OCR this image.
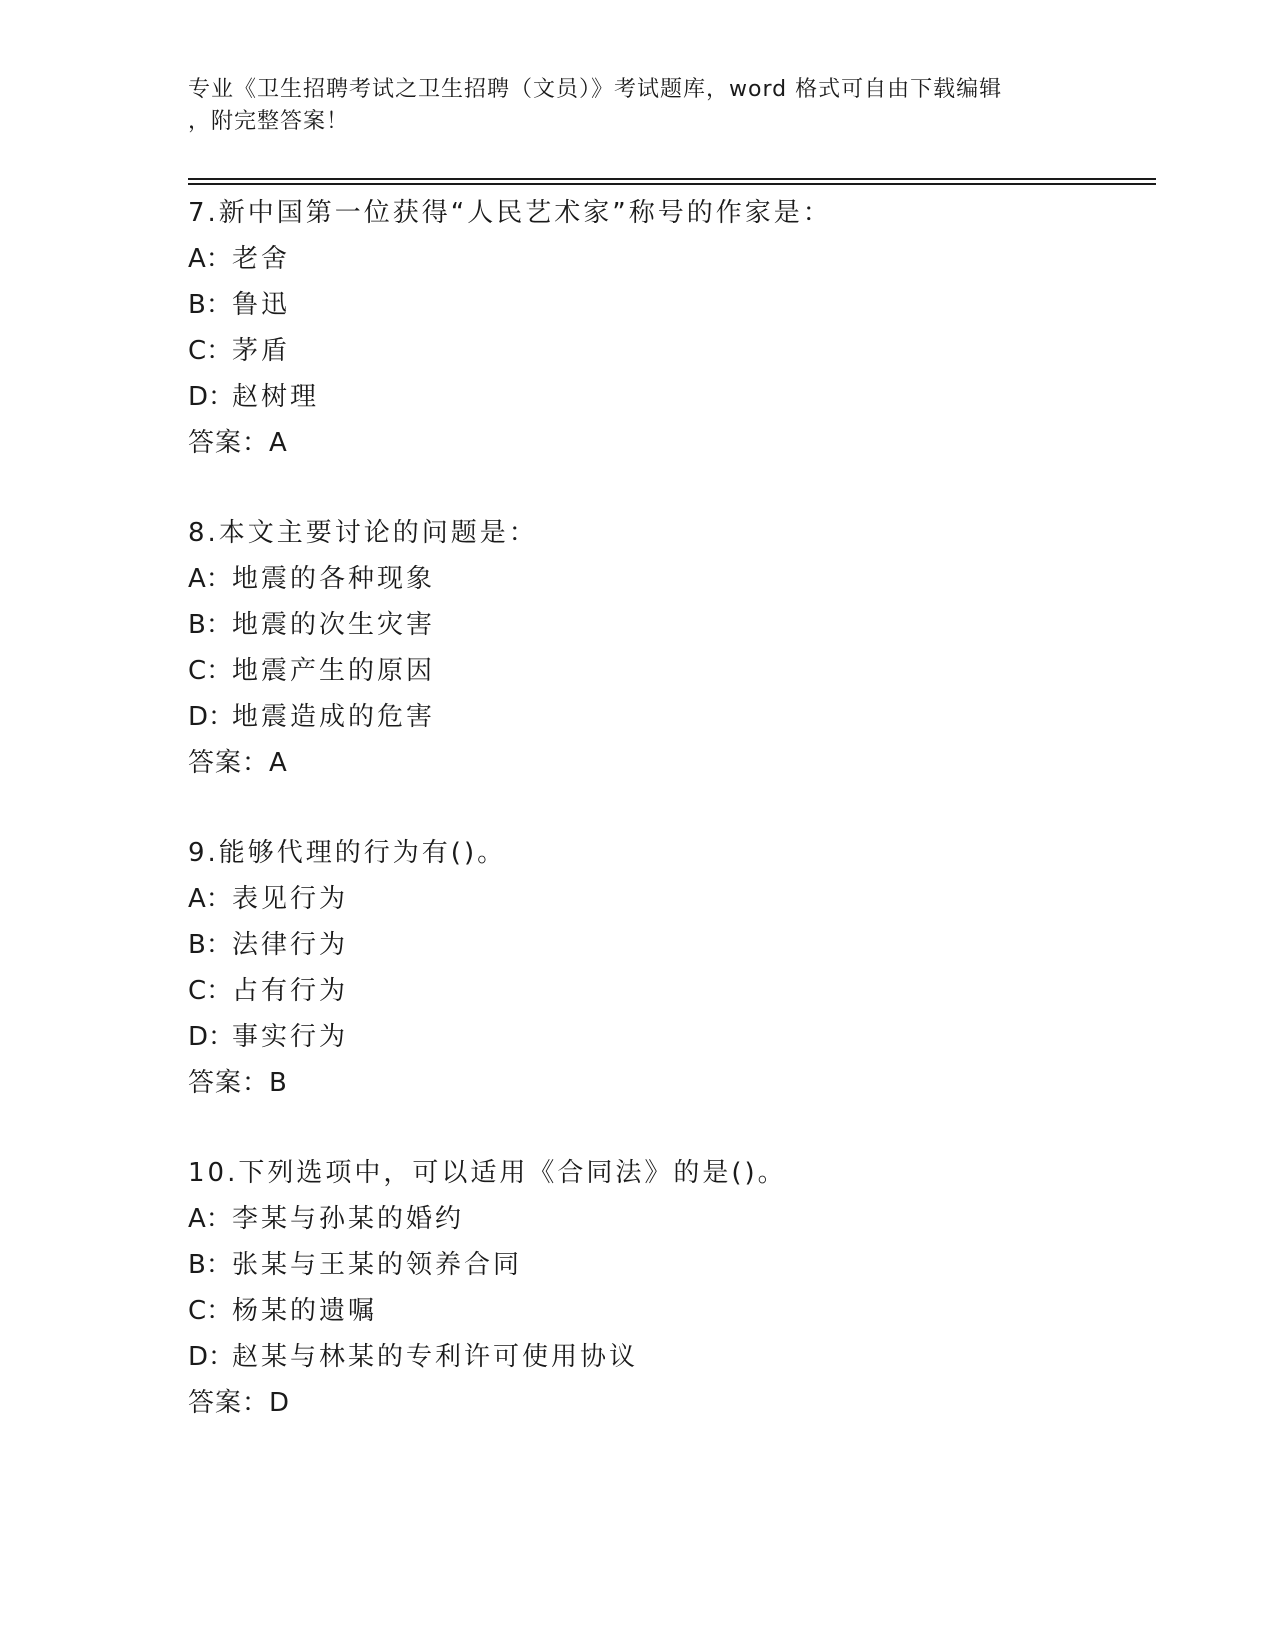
专业《卫生招聘考试之卫生招聘（文员）》考试题库，word 格式可自由下载编辑
，附完整答案！
7.新中国第一位获得“人民艺术家”称号的作家是：
A：老舍
B：鲁迅
C：茅盾
D：赵树理
答案：A
8.本文主要讨论的问题是：
A：地震的各种现象
B：地震的次生灾害
C：地震产生的原因
D：地震造成的危害
答案：A
9.能够代理的行为有()。
A：表见行为
B：法律行为
C：占有行为
D：事实行为
答案：B
10.下列选项中，可以适用《合同法》的是()。
A：李某与孙某的婚约
B：张某与王某的领养合同
C：杨某的遗嘱
D：赵某与林某的专利许可使用协议
答案：D
